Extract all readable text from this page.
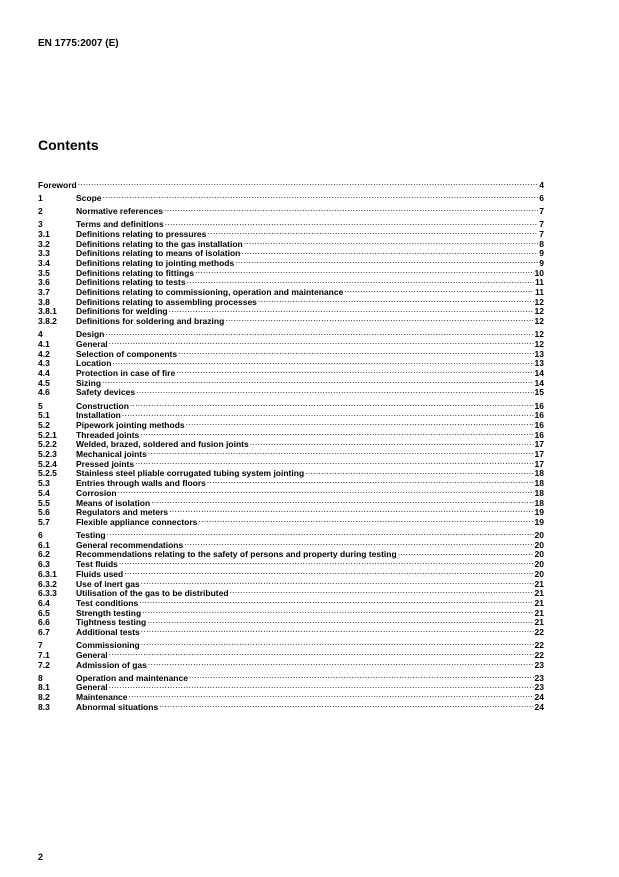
EN 1775:2007 (E)
Contents
Foreword .....	4
1	Scope .....	6
2	Normative references .....	7
3	Terms and definitions .....	7
3.1	Definitions relating to pressures .....	7
3.2	Definitions relating to the gas installation .....	8
3.3	Definitions relating to means of isolation .....	9
3.4	Definitions relating to jointing methods .....	9
3.5	Definitions relating to fittings .....	10
3.6	Definitions relating to tests .....	11
3.7	Definitions relating to commissioning, operation and maintenance .....	11
3.8	Definitions relating to assembling processes .....	12
3.8.1	Definitions for welding .....	12
3.8.2	Definitions for soldering and brazing .....	12
4	Design .....	12
4.1	General .....	12
4.2	Selection of components .....	13
4.3	Location .....	13
4.4	Protection in case of fire .....	14
4.5	Sizing .....	14
4.6	Safety devices .....	15
5	Construction .....	16
5.1	Installation .....	16
5.2	Pipework jointing methods .....	16
5.2.1	Threaded joints .....	16
5.2.2	Welded, brazed, soldered and fusion joints .....	17
5.2.3	Mechanical joints .....	17
5.2.4	Pressed joints .....	17
5.2.5	Stainless steel pliable corrugated tubing system jointing .....	18
5.3	Entries through walls and floors .....	18
5.4	Corrosion .....	18
5.5	Means of isolation .....	18
5.6	Regulators and meters .....	19
5.7	Flexible appliance connectors .....	19
6	Testing .....	20
6.1	General recommendations .....	20
6.2	Recommendations relating to the safety of persons and property during testing .....	20
6.3	Test fluids .....	20
6.3.1	Fluids used .....	20
6.3.2	Use of inert gas .....	21
6.3.3	Utilisation of the gas to be distributed .....	21
6.4	Test conditions .....	21
6.5	Strength testing .....	21
6.6	Tightness testing .....	21
6.7	Additional tests .....	22
7	Commissioning .....	22
7.1	General .....	22
7.2	Admission of gas .....	23
8	Operation and maintenance .....	23
8.1	General .....	23
8.2	Maintenance .....	24
8.3	Abnormal situations .....	24
2
